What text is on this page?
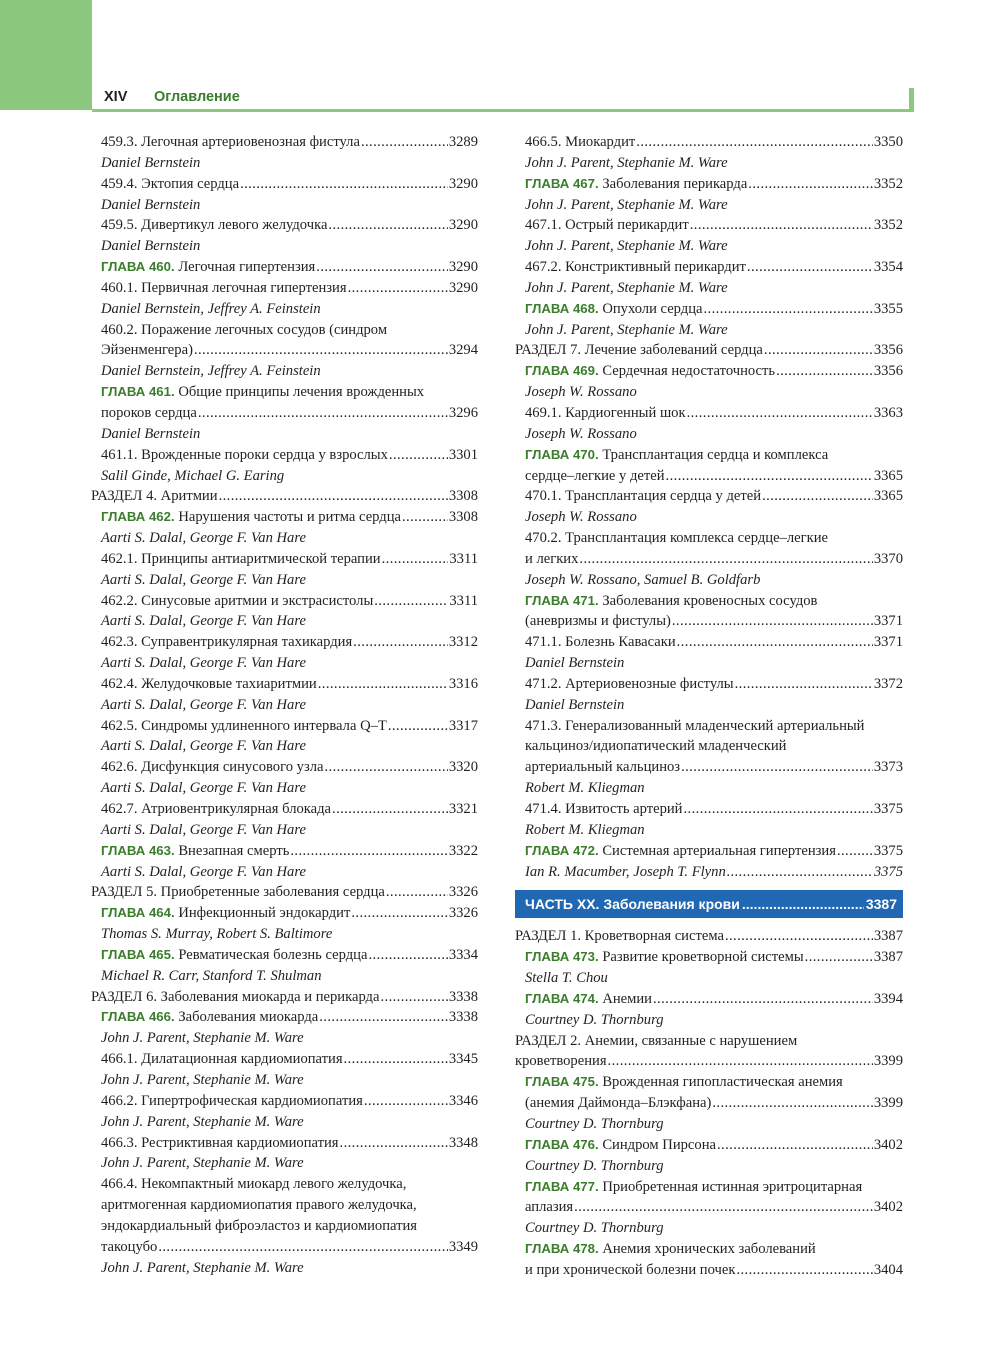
XIV Оглавление
459.3. Легочная артериовенозная фистула .....	3289
Daniel Bernstein
459.4. Эктопия сердца .....	3290
Daniel Bernstein
459.5. Дивертикул левого желудочка .....	3290
Daniel Bernstein
ГЛАВА 460. Легочная гипертензия .....	3290
460.1. Первичная легочная гипертензия .....	3290
Daniel Bernstein, Jeffrey A. Feinstein
460.2. Поражение легочных сосудов (синдром
Эйзенменгера) .....	3294
Daniel Bernstein, Jeffrey A. Feinstein
ГЛАВА 461. Общие принципы лечения врожденных
пороков сердца .....	3296
Daniel Bernstein
461.1. Врожденные пороки сердца у взрослых .....	3301
Salil Ginde, Michael G. Earing
РАЗДЕЛ 4. Аритмии .....	3308
ГЛАВА 462. Нарушения частоты и ритма сердца .....	3308
Aarti S. Dalal, George F. Van Hare
462.1. Принципы антиаритмической терапии .....	3311
Aarti S. Dalal, George F. Van Hare
462.2. Синусовые аритмии и экстрасистолы .....	3311
Aarti S. Dalal, George F. Van Hare
462.3. Суправентрикулярная тахикардия .....	3312
Aarti S. Dalal, George F. Van Hare
462.4. Желудочковые тахиаритмии .....	3316
Aarti S. Dalal, George F. Van Hare
462.5. Синдромы удлиненного интервала Q–T .....	3317
Aarti S. Dalal, George F. Van Hare
462.6. Дисфункция синусового узла .....	3320
Aarti S. Dalal, George F. Van Hare
462.7. Атриовентрикулярная блокада .....	3321
Aarti S. Dalal, George F. Van Hare
ГЛАВА 463. Внезапная смерть .....	3322
Aarti S. Dalal, George F. Van Hare
РАЗДЕЛ 5. Приобретенные заболевания сердца .....	3326
ГЛАВА 464. Инфекционный эндокардит .....	3326
Thomas S. Murray, Robert S. Baltimore
ГЛАВА 465. Ревматическая болезнь сердца .....	3334
Michael R. Carr, Stanford T. Shulman
РАЗДЕЛ 6. Заболевания миокарда и перикарда .....	3338
ГЛАВА 466. Заболевания миокарда .....	3338
John J. Parent, Stephanie M. Ware
466.1. Дилатационная кардиомиопатия .....	3345
John J. Parent, Stephanie M. Ware
466.2. Гипертрофическая кардиомиопатия .....	3346
John J. Parent, Stephanie M. Ware
466.3. Рестриктивная кардиомиопатия .....	3348
John J. Parent, Stephanie M. Ware
466.4. Некомпактный миокард левого желудочка,
аритмогенная кардиомиопатия правого желудочка,
эндокардиальный фиброэластоз и кардиомиопатия
такоцубо .....	3349
John J. Parent, Stephanie M. Ware
466.5. Миокардит .....	3350
John J. Parent, Stephanie M. Ware
ГЛАВА 467. Заболевания перикарда .....	3352
John J. Parent, Stephanie M. Ware
467.1. Острый перикардит .....	3352
John J. Parent, Stephanie M. Ware
467.2. Констриктивный перикардит .....	3354
John J. Parent, Stephanie M. Ware
ГЛАВА 468. Опухоли сердца .....	3355
John J. Parent, Stephanie M. Ware
РАЗДЕЛ 7. Лечение заболеваний сердца .....	3356
ГЛАВА 469. Сердечная недостаточность .....	3356
Joseph W. Rossano
469.1. Кардиогенный шок .....	3363
Joseph W. Rossano
ГЛАВА 470. Трансплантация сердца и комплекса
сердце–легкие у детей .....	3365
470.1. Трансплантация сердца у детей .....	3365
Joseph W. Rossano
470.2. Трансплантация комплекса сердце–легкие
и легких .....	3370
Joseph W. Rossano, Samuel B. Goldfarb
ГЛАВА 471. Заболевания кровеносных сосудов
(аневризмы и фистулы) .....	3371
471.1. Болезнь Кавасаки .....	3371
Daniel Bernstein
471.2. Артериовенозные фистулы .....	3372
Daniel Bernstein
471.3. Генерализованный младенческий артериальный
кальциноз/идиопатический младенческий
артериальный кальциноз .....	3373
Robert M. Kliegman
471.4. Извитость артерий .....	3375
Robert M. Kliegman
ГЛАВА 472. Системная артериальная гипертензия .....	3375
Ian R. Macumber, Joseph T. Flynn .....	3375
ЧАСТЬ XX.
Заболевания крови .....	3387
РАЗДЕЛ 1. Кроветворная система .....	3387
ГЛАВА 473. Развитие кроветворной системы .....	3387
Stella T. Chou
ГЛАВА 474. Анемии .....	3394
Courtney D. Thornburg
РАЗДЕЛ 2. Анемии, связанные с нарушением
кроветворения .....	3399
ГЛАВА 475. Врожденная гипопластическая анемия
(анемия Даймонда–Блэкфана) .....	3399
Courtney D. Thornburg
ГЛАВА 476. Синдром Пирсона .....	3402
Courtney D. Thornburg
ГЛАВА 477. Приобретенная истинная эритроцитарная
аплазия .....	3402
Courtney D. Thornburg
ГЛАВА 478. Анемия хронических заболеваний
и при хронической болезни почек .....	3404
